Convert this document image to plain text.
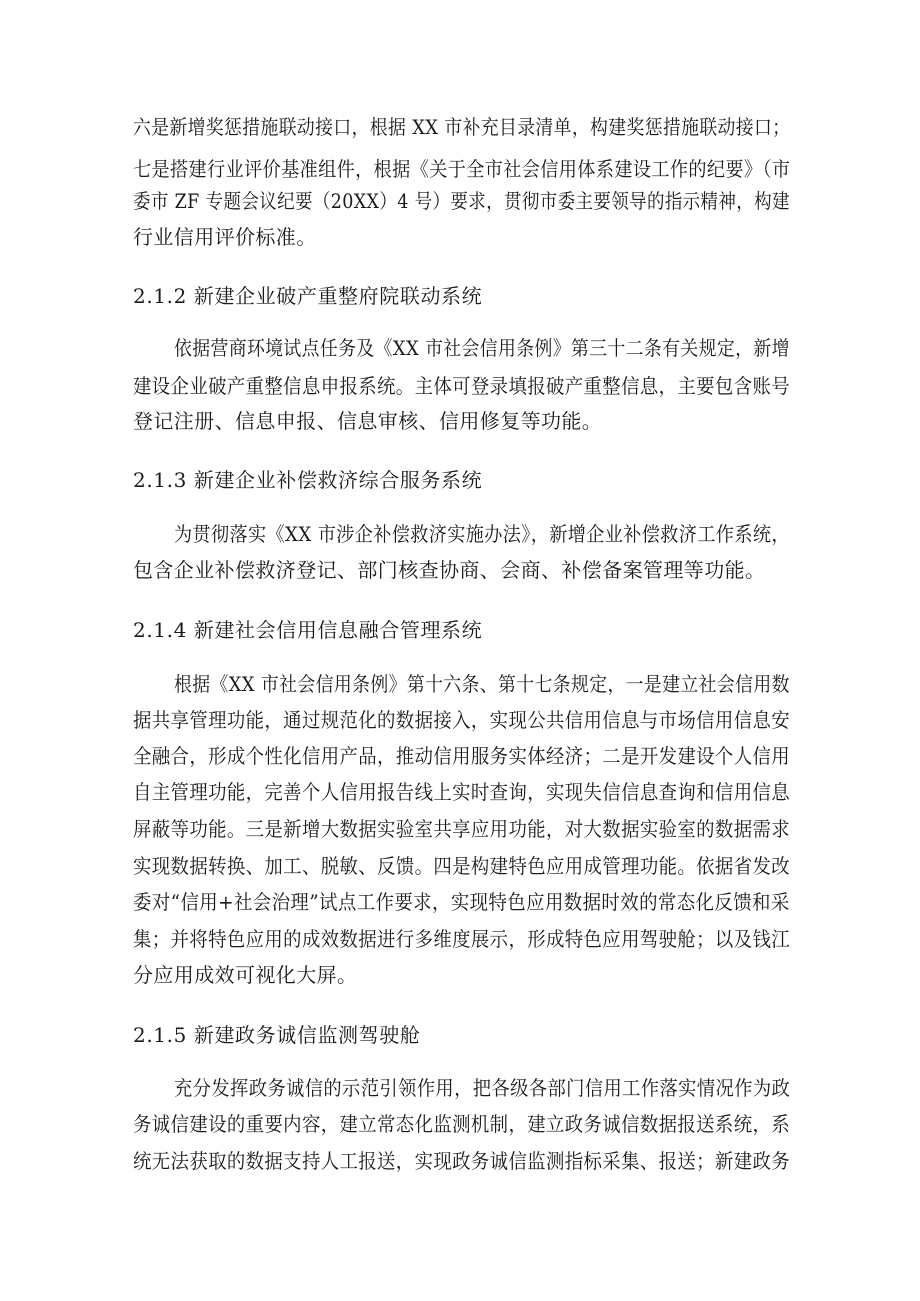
六是新增奖惩措施联动接口，根据 XX 市补充目录清单，构建奖惩措施联动接口；
七是搭建行业评价基准组件，根据《关于全市社会信用体系建设工作的纪要》（市
委市 ZF 专题会议纪要（20XX）4 号）要求，贯彻市委主要领导的指示精神，构建
行业信用评价标准。
2.1.2 新建企业破产重整府院联动系统
依据营商环境试点任务及《XX 市社会信用条例》第三十二条有关规定，新增
建设企业破产重整信息申报系统。主体可登录填报破产重整信息，主要包含账号
登记注册、信息申报、信息审核、信用修复等功能。
2.1.3 新建企业补偿救济综合服务系统
为贯彻落实《XX 市涉企补偿救济实施办法》，新增企业补偿救济工作系统，
包含企业补偿救济登记、部门核查协商、会商、补偿备案管理等功能。
2.1.4 新建社会信用信息融合管理系统
根据《XX 市社会信用条例》第十六条、第十七条规定，一是建立社会信用数
据共享管理功能，通过规范化的数据接入，实现公共信用信息与市场信用信息安
全融合，形成个性化信用产品，推动信用服务实体经济；二是开发建设个人信用
自主管理功能，完善个人信用报告线上实时查询，实现失信信息查询和信用信息
屏蔽等功能。三是新增大数据实验室共享应用功能，对大数据实验室的数据需求
实现数据转换、加工、脱敏、反馈。四是构建特色应用成管理功能。依据省发改
委对“信用+社会治理”试点工作要求，实现特色应用数据时效的常态化反馈和采
集；并将特色应用的成效数据进行多维度展示，形成特色应用驾驶舱；以及钱江
分应用成效可视化大屏。
2.1.5 新建政务诚信监测驾驶舱
充分发挥政务诚信的示范引领作用，把各级各部门信用工作落实情况作为政
务诚信建设的重要内容，建立常态化监测机制，建立政务诚信数据报送系统，系
统无法获取的数据支持人工报送，实现政务诚信监测指标采集、报送；新建政务
